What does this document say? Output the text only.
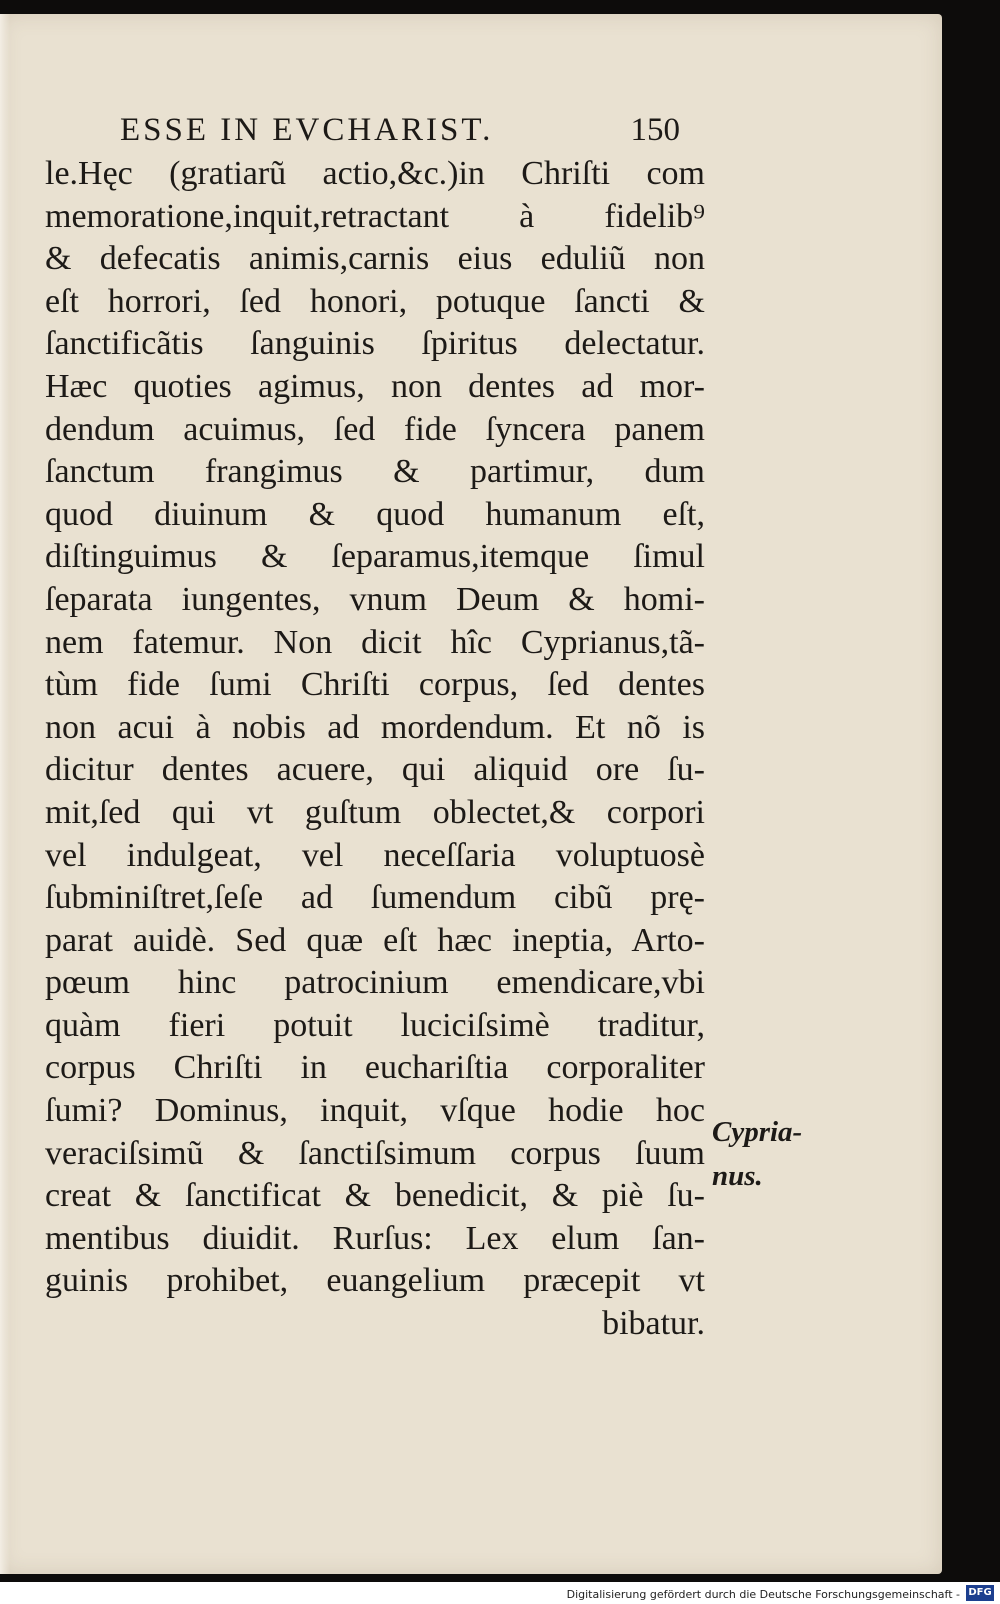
ESSE IN EVCHARIST.	150
le.Hęc (gratiarũ actio,&c.)in Chriſti com
memoratione,inquit,retractant à fidelib⁹
& defecatis animis,carnis eius eduliũ non
eſt horrori, ſed honori, potuque ſancti &
ſanctificãtis ſanguinis ſpiritus delectatur.
Hæc quoties agimus, non dentes ad mor-
dendum acuimus, ſed fide ſyncera panem
ſanctum frangimus & partimur, dum
quod diuinum & quod humanum eſt,
diſtinguimus & ſeparamus,itemque ſimul
ſeparata iungentes, vnum Deum & homi-
nem fatemur. Non dicit hîc Cyprianus,tã-
tùm fide ſumi Chriſti corpus, ſed dentes
non acui à nobis ad mordendum. Et nõ is
dicitur dentes acuere, qui aliquid ore ſu-
mit,ſed qui vt guſtum oblectet,& corpori
vel indulgeat, vel neceſſaria voluptuosè
ſubminiſtret,ſeſe ad ſumendum cibũ prę-
parat auidè. Sed quæ eſt hæc ineptia, Arto-
pœum hinc patrocinium emendicare,vbi
quàm fieri potuit luciciſsimè traditur,
corpus Chriſti in euchariſtia corporaliter
ſumi? Dominus, inquit, vſque hodie hoc
veraciſsimũ & ſanctiſsimum corpus ſuum
creat & ſanctificat & benedicit, & piè ſu-
mentibus diuidit. Rurſus: Lex elum ſan-
guinis prohibet, euangelium præcepit vt
bibatur.
Cypria-
nus.
Digitalisierung gefördert durch die Deutsche Forschungsgemeinschaft - DFG
